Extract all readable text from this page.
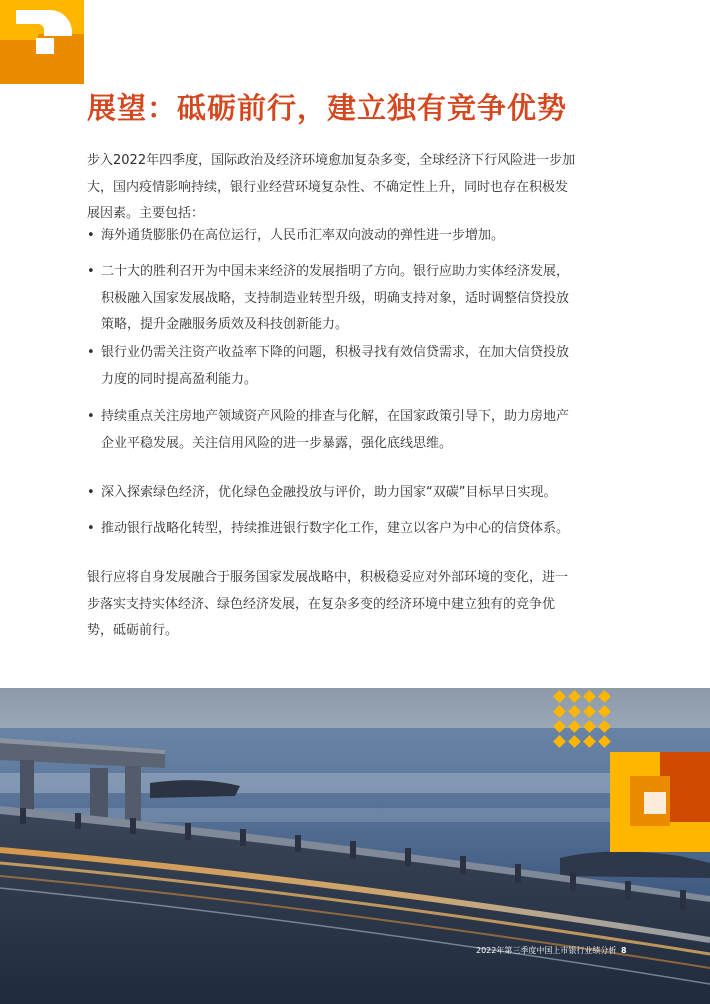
展望：砥砺前行，建立独有竞争优势
步入2022年四季度，国际政治及经济环境愈加复杂多变，全球经济下行风险进一步加
大，国内疫情影响持续，银行业经营环境复杂性、不确定性上升，同时也存在积极发
展因素。主要包括：
• 海外通货膨胀仍在高位运行，人民币汇率双向波动的弹性进一步增加。
• 二十大的胜利召开为中国未来经济的发展指明了方向。银行应助力实体经济发展，
积极融入国家发展战略，支持制造业转型升级，明确支持对象，适时调整信贷投放
策略，提升金融服务质效及科技创新能力。
• 银行业仍需关注资产收益率下降的问题，积极寻找有效信贷需求，在加大信贷投放
力度的同时提高盈利能力。
• 持续重点关注房地产领域资产风险的排查与化解，在国家政策引导下，助力房地产
企业平稳发展。关注信用风险的进一步暴露，强化底线思维。
• 深入探索绿色经济，优化绿色金融投放与评价，助力国家“双碳”目标早日实现。
• 推动银行战略化转型，持续推进银行数字化工作，建立以客户为中心的信贷体系。
银行应将自身发展融合于服务国家发展战略中，积极稳妥应对外部环境的变化，进一
步落实支持实体经济、绿色经济发展，在复杂多变的经济环境中建立独有的竞争优
势，砥砺前行。
2022年第三季度中国上市银行业绩分析 8
